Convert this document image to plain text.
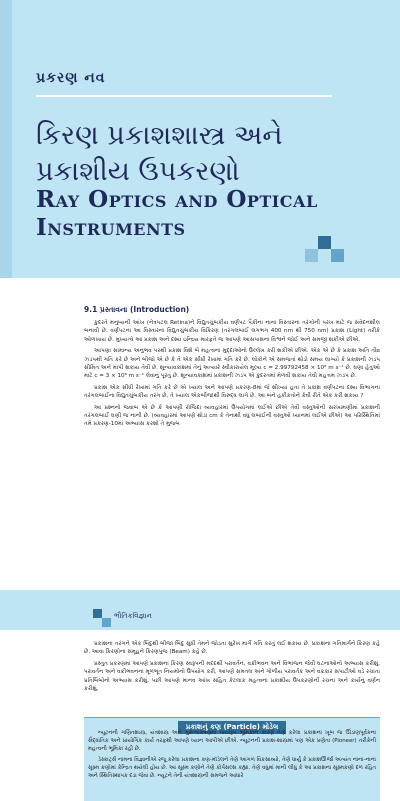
પ્રકરણ નવ
કિરણ પ્રકાશશાસ્ત્ર અને પ્રકાશીય ઉપકરણો
Ray Optics and Optical
Instruments
9.1 પ્રસ્તાવના (Introduction)

કુદરતે મનુષ્યની આંખ (નેત્રપટલ Retina)ને વિદ્યુતચુંબકીય વર્ણપટ પૈકીના નાના વિસ્તારના તરંગોની પરખ માટે જ સંવેદનશીલ બનાવી છે. વર્ણપટના આ વિસ્તારના વિદ્યુતચુંબકીય વિકિરણ (તરંગલંબાઈ લગભગ 400 nm થી 750 nm) પ્રકાશ (Light) તરીકે ઓળખાય છે. મુખ્યત્વે આ પ્રકાશ અને દશ્ય ઇન્દ્રિય મારફતે જ આપણે આસપાસના વિશ્વને જોઈ અને સમજી શકીએ છીએ.

આપણા સામાન્ય અનુભવ પરથી પ્રકાશ વિશે બે મહત્વના મુદ્દાઓનો ઉલ્લેખ કરી શકીએ છીએ. એક એ છે કે પ્રકાશ અતિ તીવ્ર ઝડપથી ગતિ કરે છે અને બીજો એ છે કે તે એક સીધી રેખામાં ગતિ કરે છે. લોકોને એ સમજતાં થોડો સમય લાગ્યો કે પ્રકાશની ઝડપ સીમિત અને માપી શકાય તેવી છે. શૂન્યાવકાશમાં તેનું અત્યારે સ્વીકારાયેલ મૂલ્ય c = 2.99792458 × 10⁸ m s⁻¹ છે. ઘણા હેતુઓ માટે c = 3 × 10⁸ m s⁻¹ લેવાનું પૂરતું છે. શૂન્યાવકાશમાં પ્રકાશની ઝડપ એ કુદરતમાં મેળવી શકાય તેવી મહત્તમ ઝડપ છે.

પ્રકાશ એક સીધી રેખામાં ગતિ કરે છે એ ખ્યાલ અને આપણે પ્રકરણ-8માં જે શીખ્યા હતા તે પ્રકાશ વર્ણપટના દશ્ય વિભાગના તરંગલંબાઈના વિદ્યુતચુંબકીય તરંગ છે, તે ખ્યાલ એકબીજાથી વિરુદ્ધ લાગે છે. આ બંને હકીકતોને કેવી રીતે એક કરી શકાય ?

આ પ્રશ્નનો જવાબ એ છે કે આપણી રોજિંદા વ્યવહારમાં ઉપયોગમાં લઈએ છીએ તેવી વસ્તુઓની સરખામણીમાં પ્રકાશની તરંગલંબાઈ ઘણી જ નાની છે. (વ્યવહારમાં આપણે થોડા cm કે તેનાથી વધુ લંબાઈની વસ્તુઓ ધ્યાનમાં લઈએ છીએ) આ પરિસ્થિતિમાં તમે પ્રકરણ-10માં અભ્યાસ કરશો તે મુજબ

ભૌતિકવિજ્ઞાન

પ્રકાશના તરંગને એક બિંદુથી બીજા બિંદુ સુધી તેમને જોડતા સુરેખ માર્ગે ગતિ કરતું લઈ શકાય છે. પ્રકાશના ગતિમાર્ગને કિરણ કહે છે. આવા કિરણોના સમૂહને કિરણપુંજ (Beam) કહે છે.

પ્રસ્તુત પ્રકરણમાં આપણે પ્રકાશના કિરણ સ્વરૂપની મદદથી પરાવર્તન, વક્રીભવન અને વિભાજન જેવી ઘટનાઓનો અભ્યાસ કરીશું. પરાવર્તન અને વક્રીભવનના મૂળભૂત નિયમોનો ઉપયોગ કરી, આપણે સમતલ અને ગોળીય પરાવર્તક અને વક્રકાર સપાટીઓ વડે રચાતા પ્રતિબિંબોનો અભ્યાસ કરીશું. પછી આપણે માનવ આંખ સહિત કેટલાક મહત્વના પ્રકાશીય ઉપકરણોની રચના અને કાર્યનું વર્ણન કરીશું.

પ્રકાશનું કણ (Particle) મોડેલ

ન્યૂટનની ગણિતશાસ્ત્ર, યંત્રશાસ્ત્ર અને ગુરુત્વાકર્ષણમાં પાયારૂપ ભૂમિકાને કારણે તેણે કરેલા પ્રકાશના ખૂબ જ ઊંડાણપૂર્વકના સૈદ્ધાંતિક અને પ્રાયોગિક કાર્ય તરફથી આપણે ધ્યાન આપીએ છીએ. ન્યૂટનની પ્રકાશ-શાસ્ત્રમાં પણ એક પ્રણેતા (Pioneer) તરીકેની મહત્વની ભૂમિકા રહી છે.

ડેસ્કાર્ટ્સ નામના વિજ્ઞાનીએ રજૂ કરેલા પ્રકાશના કણ-મૉડેલને તેણે આગળ વિકસાવ્યો, તેણે ધાર્યું કે પ્રકાશઊર્જા અત્યંત નાના-નાના સૂક્ષ્મ કણોમાં કેન્દ્રિત થયેલી હોય છે. આ સૂક્ષ્મ કણોને તેણે કોર્પસલ્સ કહ્યા. તેણે વધુમાં માની લીધું કે આ પ્રકાશના સૂક્ષ્મકણો દળ રહિત અને સ્થિતિસ્થાપક દડા જેવા છે. ન્યૂટને તેની યંત્રશાસ્ત્રની સમજને આધારે
